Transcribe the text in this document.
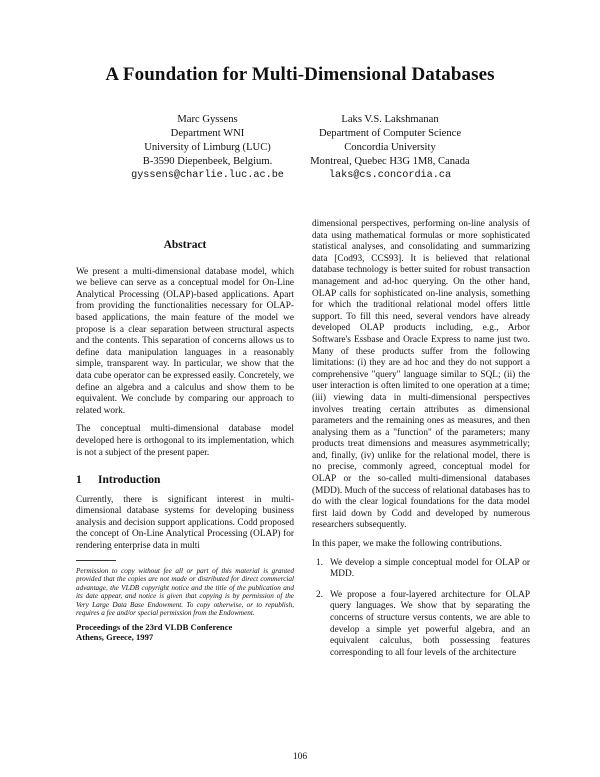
A Foundation for Multi-Dimensional Databases
Marc Gyssens
Department WNI
University of Limburg (LUC)
B-3590 Diepenbeek, Belgium.
gyssens@charlie.luc.ac.be
Laks V.S. Lakshmanan
Department of Computer Science
Concordia University
Montreal, Quebec H3G 1M8, Canada
laks@cs.concordia.ca
Abstract

We present a multi-dimensional database model, which we believe can serve as a conceptual model for On-Line Analytical Processing (OLAP)-based applications. Apart from providing the functionalities necessary for OLAP-based applications, the main feature of the model we propose is a clear separation between structural aspects and the contents. This separation of concerns allows us to define data manipulation languages in a reasonably simple, transparent way. In particular, we show that the data cube operator can be expressed easily. Concretely, we define an algebra and a calculus and show them to be equivalent. We conclude by comparing our approach to related work.

The conceptual multi-dimensional database model developed here is orthogonal to its implementation, which is not a subject of the present paper.

1 Introduction

Currently, there is significant interest in multi-dimensional database systems for developing business analysis and decision support applications. Codd proposed the concept of On-Line Analytical Processing (OLAP) for rendering enterprise data in multi

Permission to copy without fee all or part of this material is granted provided that the copies are not made or distributed for direct commercial advantage, the VLDB copyright notice and the title of the publication and its date appear, and notice is given that copying is by permission of the Very Large Data Base Endowment. To copy otherwise, or to republish, requires a fee and/or special permission from the Endowment.
Proceedings of the 23rd VLDB Conference
Athens, Greece, 1997

dimensional perspectives, performing on-line analysis of data using mathematical formulas or more sophisticated statistical analyses, and consolidating and summarizing data [Cod93, CCS93]. It is believed that relational database technology is better suited for robust transaction management and ad-hoc querying. On the other hand, OLAP calls for sophisticated on-line analysis, something for which the traditional relational model offers little support. To fill this need, several vendors have already developed OLAP products including, e.g., Arbor Software's Essbase and Oracle Express to name just two. Many of these products suffer from the following limitations: (i) they are ad hoc and they do not support a comprehensive "query" language similar to SQL; (ii) the user interaction is often limited to one operation at a time; (iii) viewing data in multi-dimensional perspectives involves treating certain attributes as dimensional parameters and the remaining ones as measures, and then analysing them as a "function" of the parameters; many products treat dimensions and measures asymmetrically; and, finally, (iv) unlike for the relational model, there is no precise, commonly agreed, conceptual model for OLAP or the so-called multi-dimensional databases (MDD). Much of the success of relational databases has to do with the clear logical foundations for the data model first laid down by Codd and developed by numerous researchers subsequently.

In this paper, we make the following contributions.

1. We develop a simple conceptual model for OLAP or MDD.
2. We propose a four-layered architecture for OLAP query languages. We show that by separating the concerns of structure versus contents, we are able to develop a simple yet powerful algebra, and an equivalent calculus, both possessing features corresponding to all four levels of the architecture
106
